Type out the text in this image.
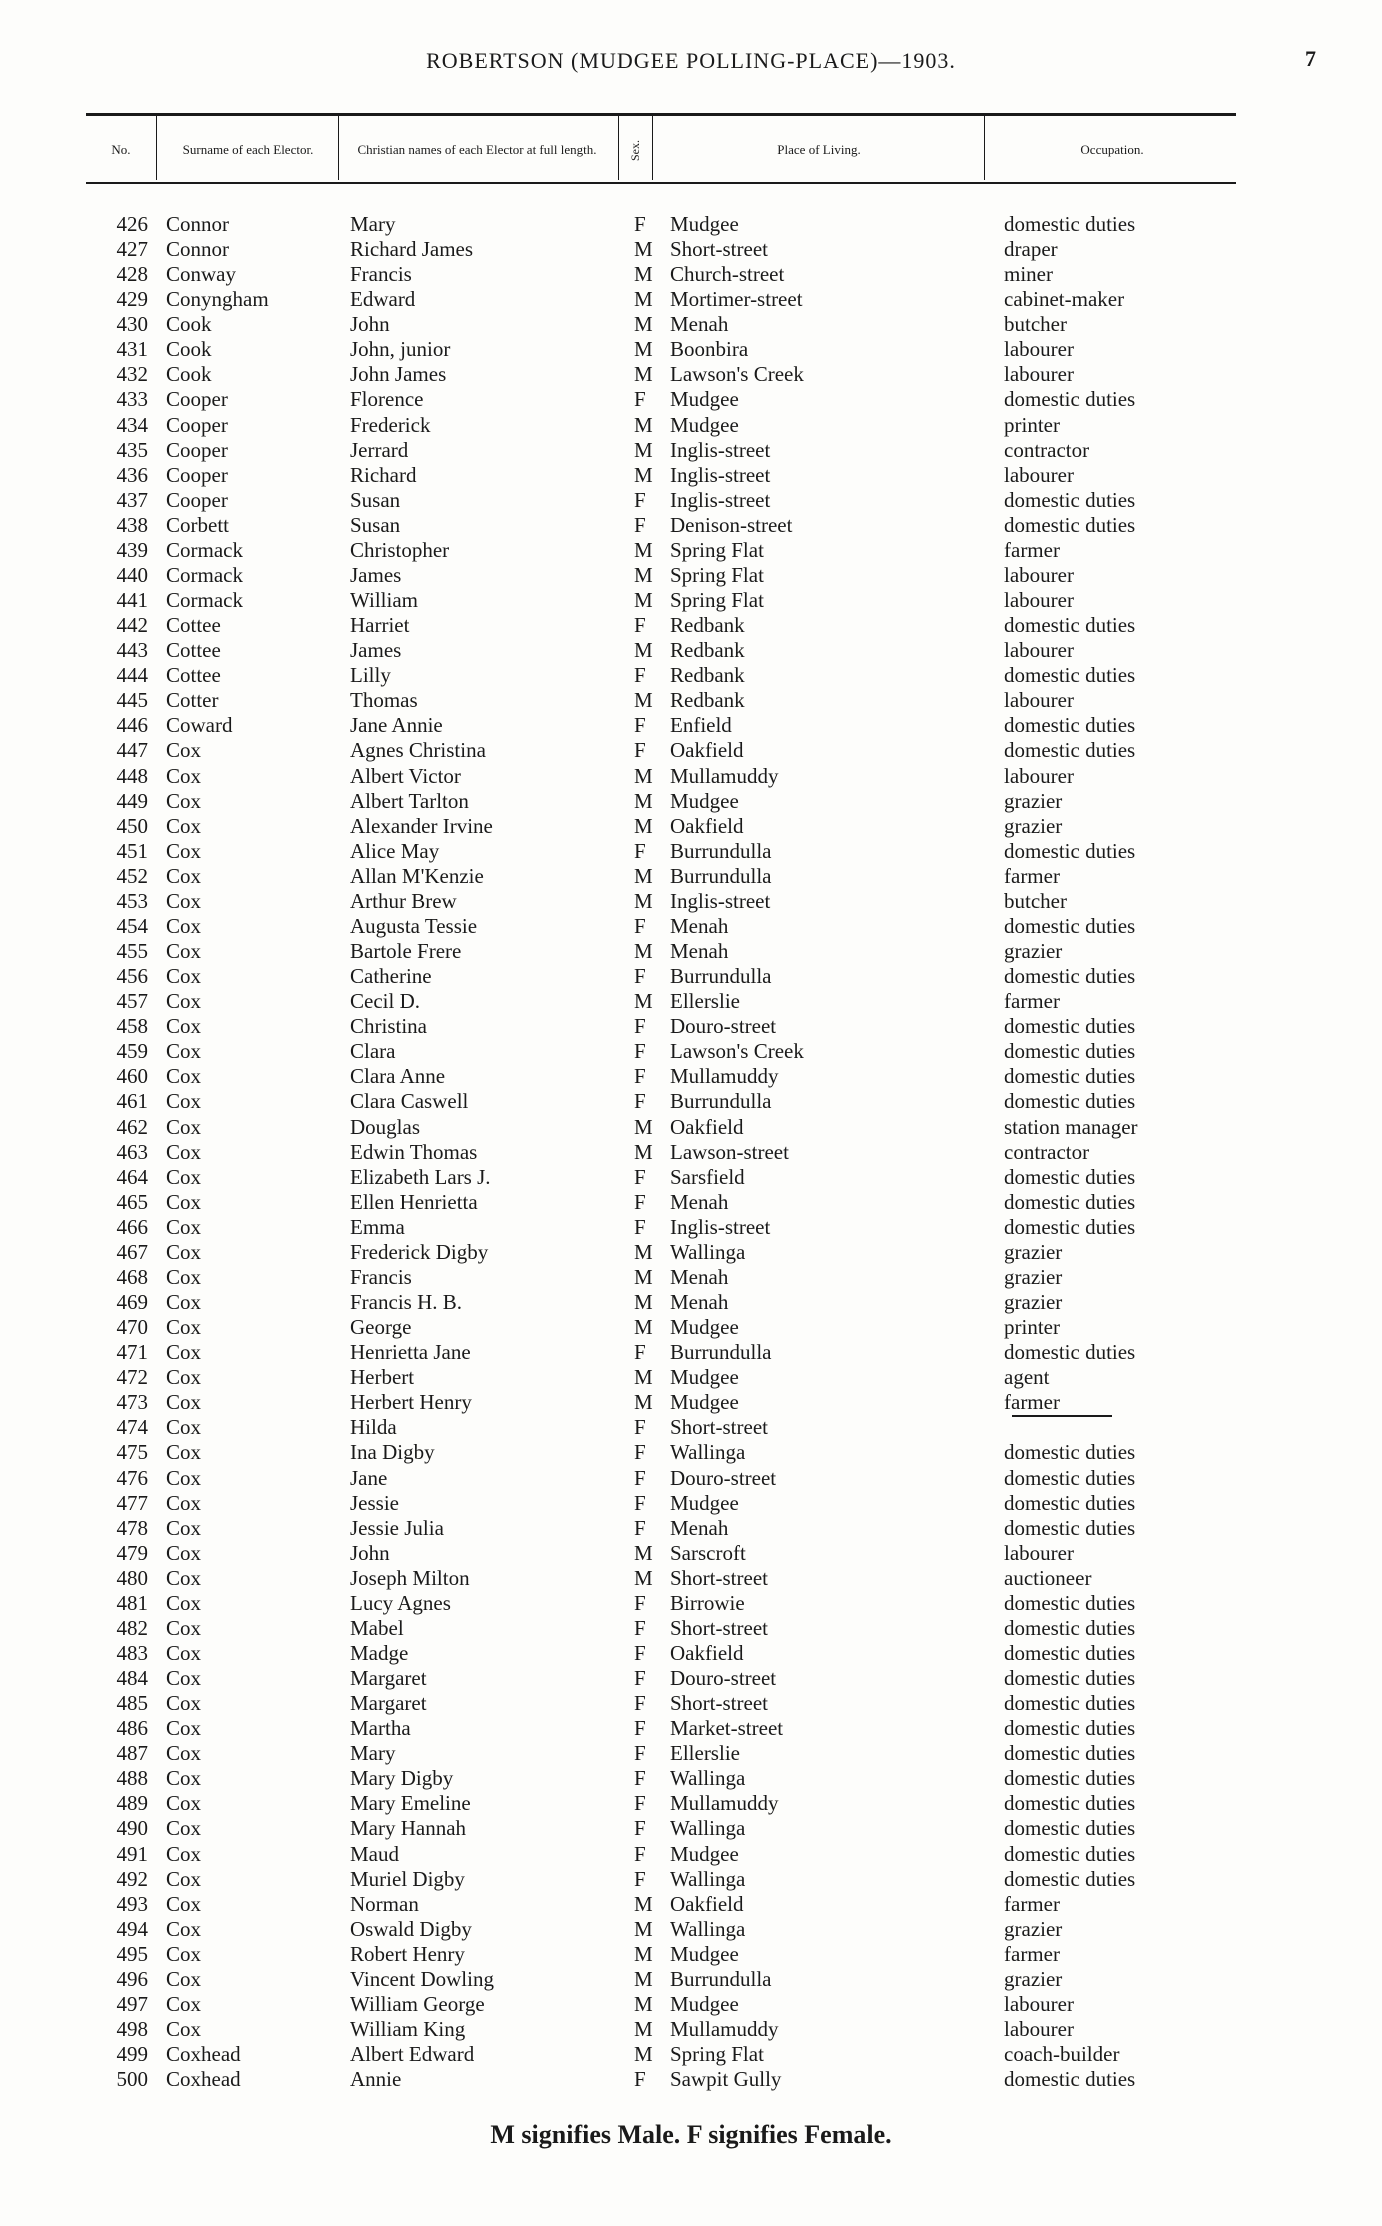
ROBERTSON (MUDGEE POLLING-PLACE)—1903.	7
No.	Surname of each Elector.	Christian names of each Elector at full length.	Sex.	Place of Living.	Occupation.
426 Connor	Mary	F Mudgee	domestic duties
427 Connor	Richard James	M Short-street	draper
428 Conway	Francis	M Church-street	miner
429 Conyngham	Edward	M Mortimer-street	cabinet-maker
430 Cook	John	M Menah	butcher
431 Cook	John, junior	M Boonbira	labourer
432 Cook	John James	M Lawson's Creek	labourer
433 Cooper	Florence	F Mudgee	domestic duties
434 Cooper	Frederick	M Mudgee	printer
435 Cooper	Jerrard	M Inglis-street	contractor
436 Cooper	Richard	M Inglis-street	labourer
437 Cooper	Susan	F Inglis-street	domestic duties
438 Corbett	Susan	F Denison-street	domestic duties
439 Cormack	Christopher	M Spring Flat	farmer
440 Cormack	James	M Spring Flat	labourer
441 Cormack	William	M Spring Flat	labourer
442 Cottee	Harriet	F Redbank	domestic duties
443 Cottee	James	M Redbank	labourer
444 Cottee	Lilly	F Redbank	domestic duties
445 Cotter	Thomas	M Redbank	labourer
446 Coward	Jane Annie	F Enfield	domestic duties
447 Cox	Agnes Christina	F Oakfield	domestic duties
448 Cox	Albert Victor	M Mullamuddy	labourer
449 Cox	Albert Tarlton	M Mudgee	grazier
450 Cox	Alexander Irvine	M Oakfield	grazier
451 Cox	Alice May	F Burrundulla	domestic duties
452 Cox	Allan M'Kenzie	M Burrundulla	farmer
453 Cox	Arthur Brew	M Inglis-street	butcher
454 Cox	Augusta Tessie	F Menah	domestic duties
455 Cox	Bartole Frere	M Menah	grazier
456 Cox	Catherine	F Burrundulla	domestic duties
457 Cox	Cecil D.	M Ellerslie	farmer
458 Cox	Christina	F Douro-street	domestic duties
459 Cox	Clara	F Lawson's Creek	domestic duties
460 Cox	Clara Anne	F Mullamuddy	domestic duties
461 Cox	Clara Caswell	F Burrundulla	domestic duties
462 Cox	Douglas	M Oakfield	station manager
463 Cox	Edwin Thomas	M Lawson-street	contractor
464 Cox	Elizabeth Lars J.	F Sarsfield	domestic duties
465 Cox	Ellen Henrietta	F Menah	domestic duties
466 Cox	Emma	F Inglis-street	domestic duties
467 Cox	Frederick Digby	M Wallinga	grazier
468 Cox	Francis	M Menah	grazier
469 Cox	Francis H. B.	M Menah	grazier
470 Cox	George	M Mudgee	printer
471 Cox	Henrietta Jane	F Burrundulla	domestic duties
472 Cox	Herbert	M Mudgee	agent
473 Cox	Herbert Henry	M Mudgee	farmer
474 Cox	Hilda	F Short-street
475 Cox	Ina Digby	F Wallinga	domestic duties
476 Cox	Jane	F Douro-street	domestic duties
477 Cox	Jessie	F Mudgee	domestic duties
478 Cox	Jessie Julia	F Menah	domestic duties
479 Cox	John	M Sarscroft	labourer
480 Cox	Joseph Milton	M Short-street	auctioneer
481 Cox	Lucy Agnes	F Birrowie	domestic duties
482 Cox	Mabel	F Short-street	domestic duties
483 Cox	Madge	F Oakfield	domestic duties
484 Cox	Margaret	F Douro-street	domestic duties
485 Cox	Margaret	F Short-street	domestic duties
486 Cox	Martha	F Market-street	domestic duties
487 Cox	Mary	F Ellerslie	domestic duties
488 Cox	Mary Digby	F Wallinga	domestic duties
489 Cox	Mary Emeline	F Mullamuddy	domestic duties
490 Cox	Mary Hannah	F Wallinga	domestic duties
491 Cox	Maud	F Mudgee	domestic duties
492 Cox	Muriel Digby	F Wallinga	domestic duties
493 Cox	Norman	M Oakfield	farmer
494 Cox	Oswald Digby	M Wallinga	grazier
495 Cox	Robert Henry	M Mudgee	farmer
496 Cox	Vincent Dowling	M Burrundulla	grazier
497 Cox	William George	M Mudgee	labourer
498 Cox	William King	M Mullamuddy	labourer
499 Coxhead	Albert Edward	M Spring Flat	coach-builder
500 Coxhead	Annie	F Sawpit Gully	domestic duties
M signifies Male. F signifies Female.
